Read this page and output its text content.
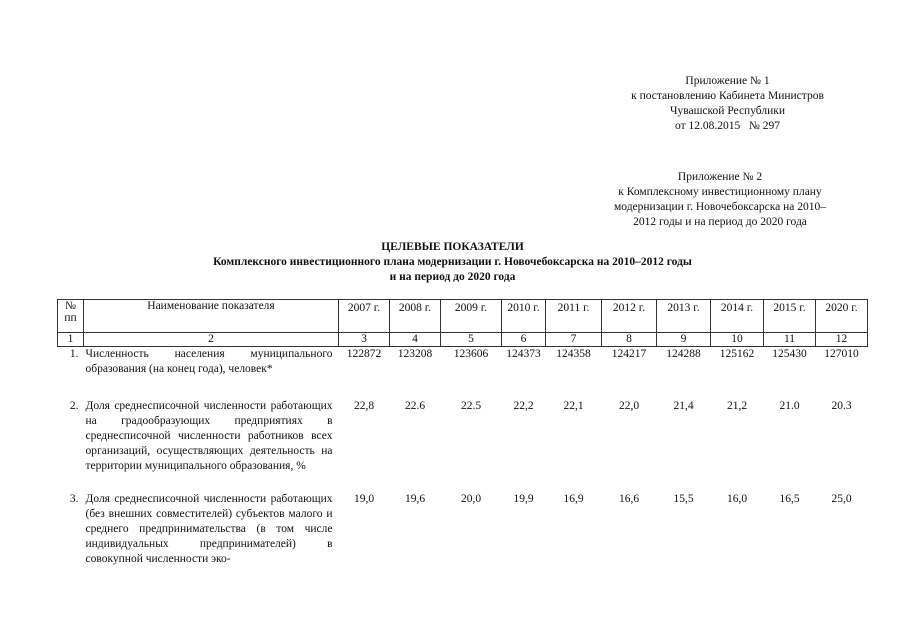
Приложение № 1
к постановлению Кабинета Министров
Чувашской Республики
от 12.08.2015   № 297
Приложение № 2
к Комплексному инвестиционному плану
модернизации г. Новочебоксарска на 2010–
2012 годы и на период до 2020 года
ЦЕЛЕВЫЕ ПОКАЗАТЕЛИ
Комплексного инвестиционного плана модернизации г. Новочебоксарска на 2010–2012 годы
и на период до 2020 года
№ пп	Наименование показателя	2007 г.	2008 г.	2009 г.	2010 г.	2011 г.	2012 г.	2013 г.	2014 г.	2015 г.	2020 г.
1	2	3	4	5	6	7	8	9	10	11	12
1.	Численность населения муниципального образования (на конец года), человек*	122872	123208	123606	124373	124358	124217	124288	125162	125430	127010
2.	Доля среднесписочной численности работающих на градообразующих предприятиях в среднесписочной численности работников всех организаций, осуществляющих деятельность на территории муниципального образования, %	22,8	22.6	22.5	22,2	22,1	22,0	21,4	21,2	21.0	20.3
3.	Доля среднесписочной численности работающих (без внешних совместителей) субъектов малого и среднего предпринимательства (в том числе индивидуальных предпринимателей) в совокупной численности эко-	19,0	19,6	20,0	19,9	16,9	16,6	15,5	16,0	16,5	25,0
